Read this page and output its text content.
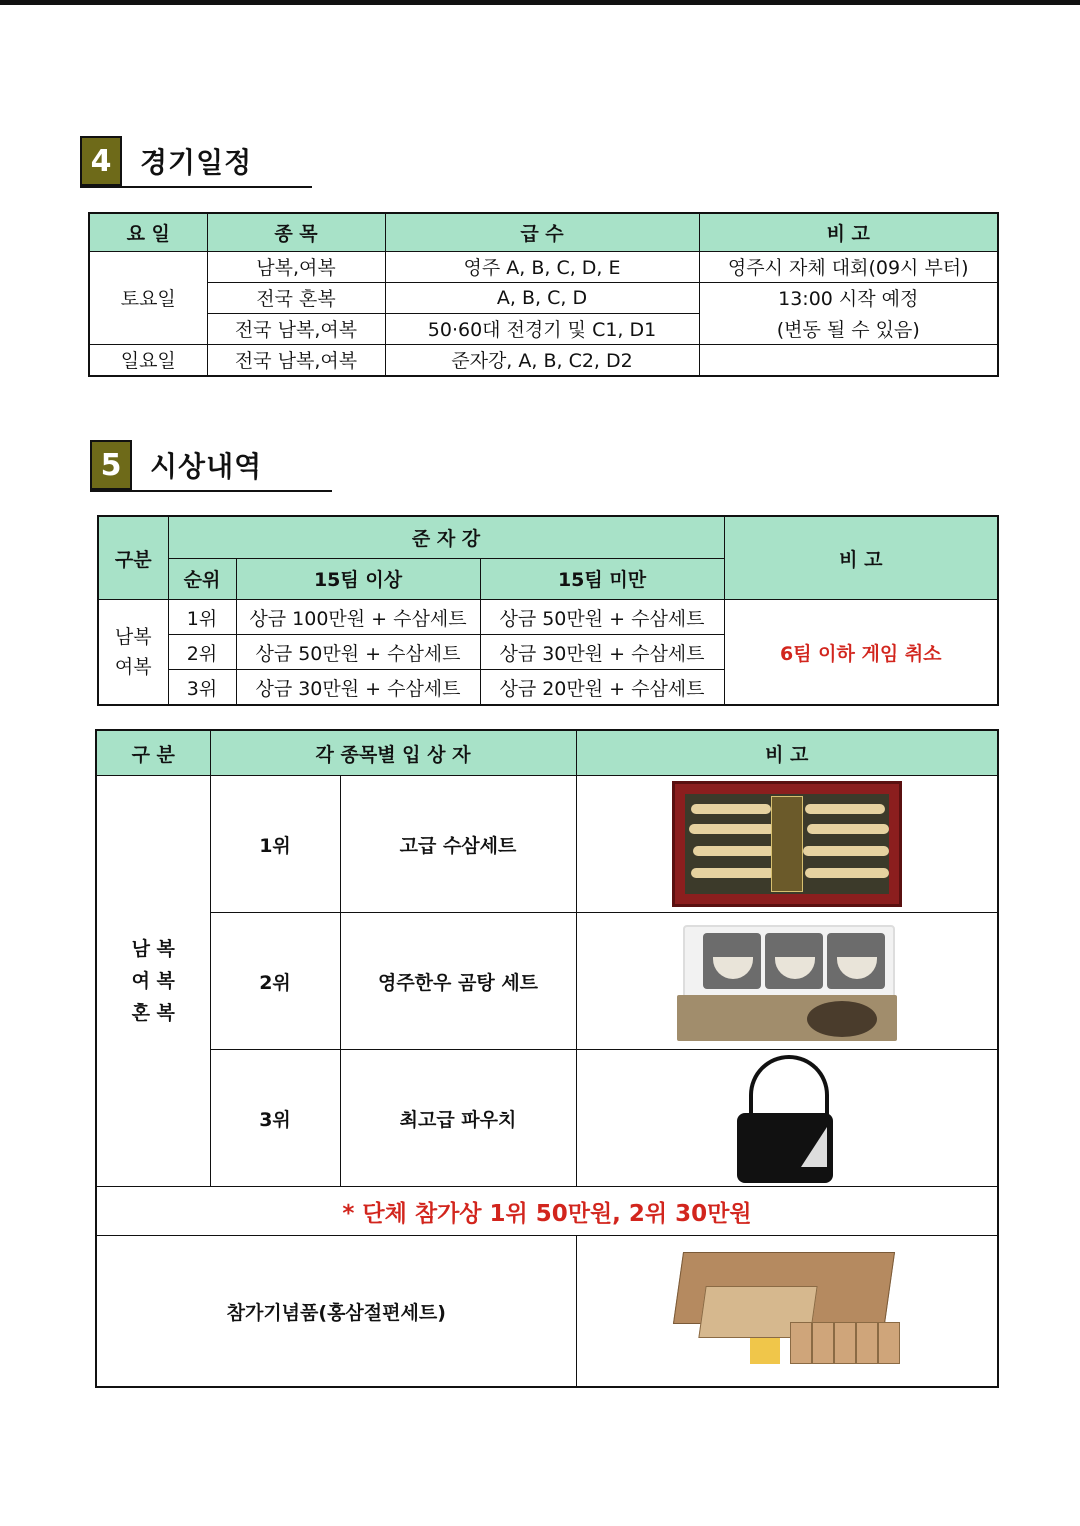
4	경기일정
요 일	종 목	급 수	비 고
토요일	남복,여복	영주 A, B, C, D, E	영주시 자체 대회(09시 부터)
	전국 혼복	A, B, C, D	13:00 시작 예정
	전국 남복,여복	50·60대 전경기 및 C1, D1	(변동 될 수 있음)
일요일	전국 남복,여복	준자강, A, B, C2, D2	
5	시상내역
구분	준 자 강			비 고
	순위	15팀 이상	15팀 미만	
남복
여복	1위	상금 100만원 + 수삼세트	상금 50만원 + 수삼세트	6팀 이하 게임 취소
	2위	상금 50만원 + 수삼세트	상금 30만원 + 수삼세트	
	3위	상금 30만원 + 수삼세트	상금 20만원 + 수삼세트	
구 분	각 종목별 입 상 자		비 고

남 복
여 복
혼 복	1위	고급 수삼세트	

	2위	영주한우 곰탕 세트	

	3위	최고급 파우치	

* 단체 참가상 1위 50만원, 2위 30만원			
참가기념품(홍삼절편세트)			
